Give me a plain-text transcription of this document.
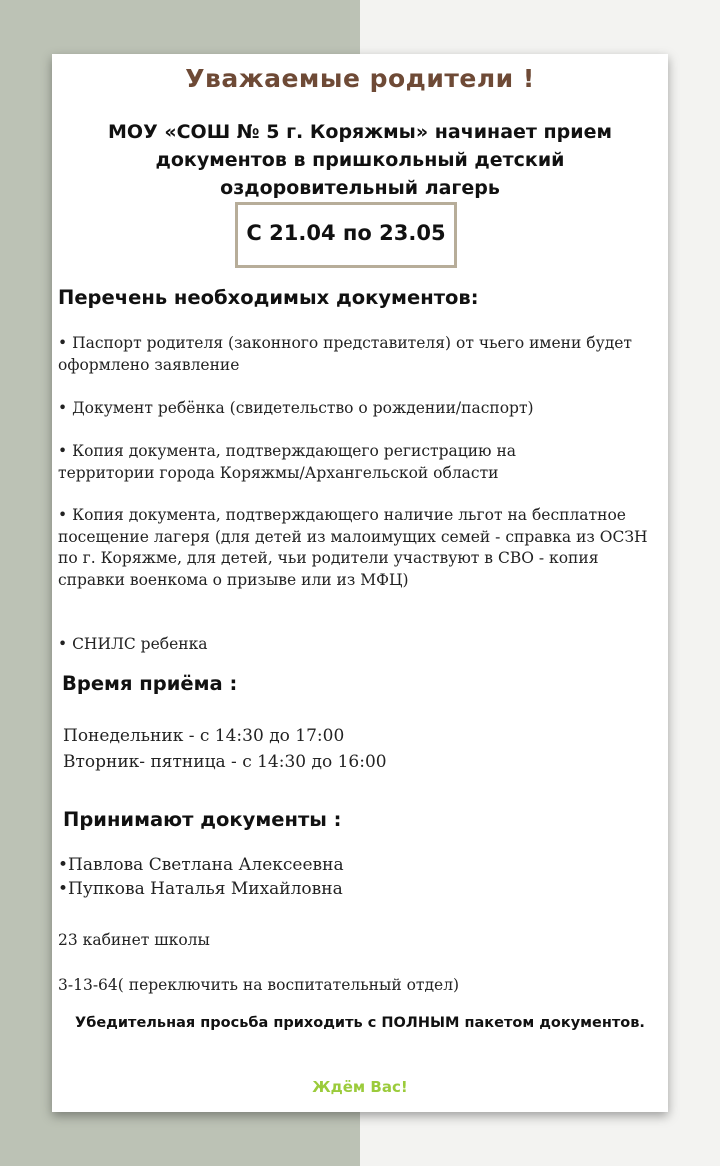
Уважаемые родители !
МОУ «СОШ № 5 г. Коряжмы» начинает прием документов в пришкольный детский оздоровительный лагерь
С 21.04 по 23.05
Перечень необходимых документов:
• Паспорт родителя (законного представителя) от чьего имени будет оформлено заявление
• Документ ребёнка (свидетельство о рождении/паспорт)
• Копия документа, подтверждающего регистрацию на территории города Коряжмы/Архангельской области
• Копия документа, подтверждающего наличие льгот на бесплатное посещение лагеря (для детей из малоимущих семей - справка из ОСЗН по г. Коряжме, для детей, чьи родители участвуют в СВО - копия справки военкома о призыве или из МФЦ)
• СНИЛС ребенка
Время приёма :
Понедельник - с 14:30 до 17:00
Вторник- пятница - с 14:30 до 16:00
Принимают документы :
•Павлова Светлана Алексеевна
•Пупкова Наталья Михайловна
23 кабинет школы
3-13-64( переключить на воспитательный отдел)
Убедительная просьба приходить с ПОЛНЫМ пакетом документов.
Ждём Вас!
